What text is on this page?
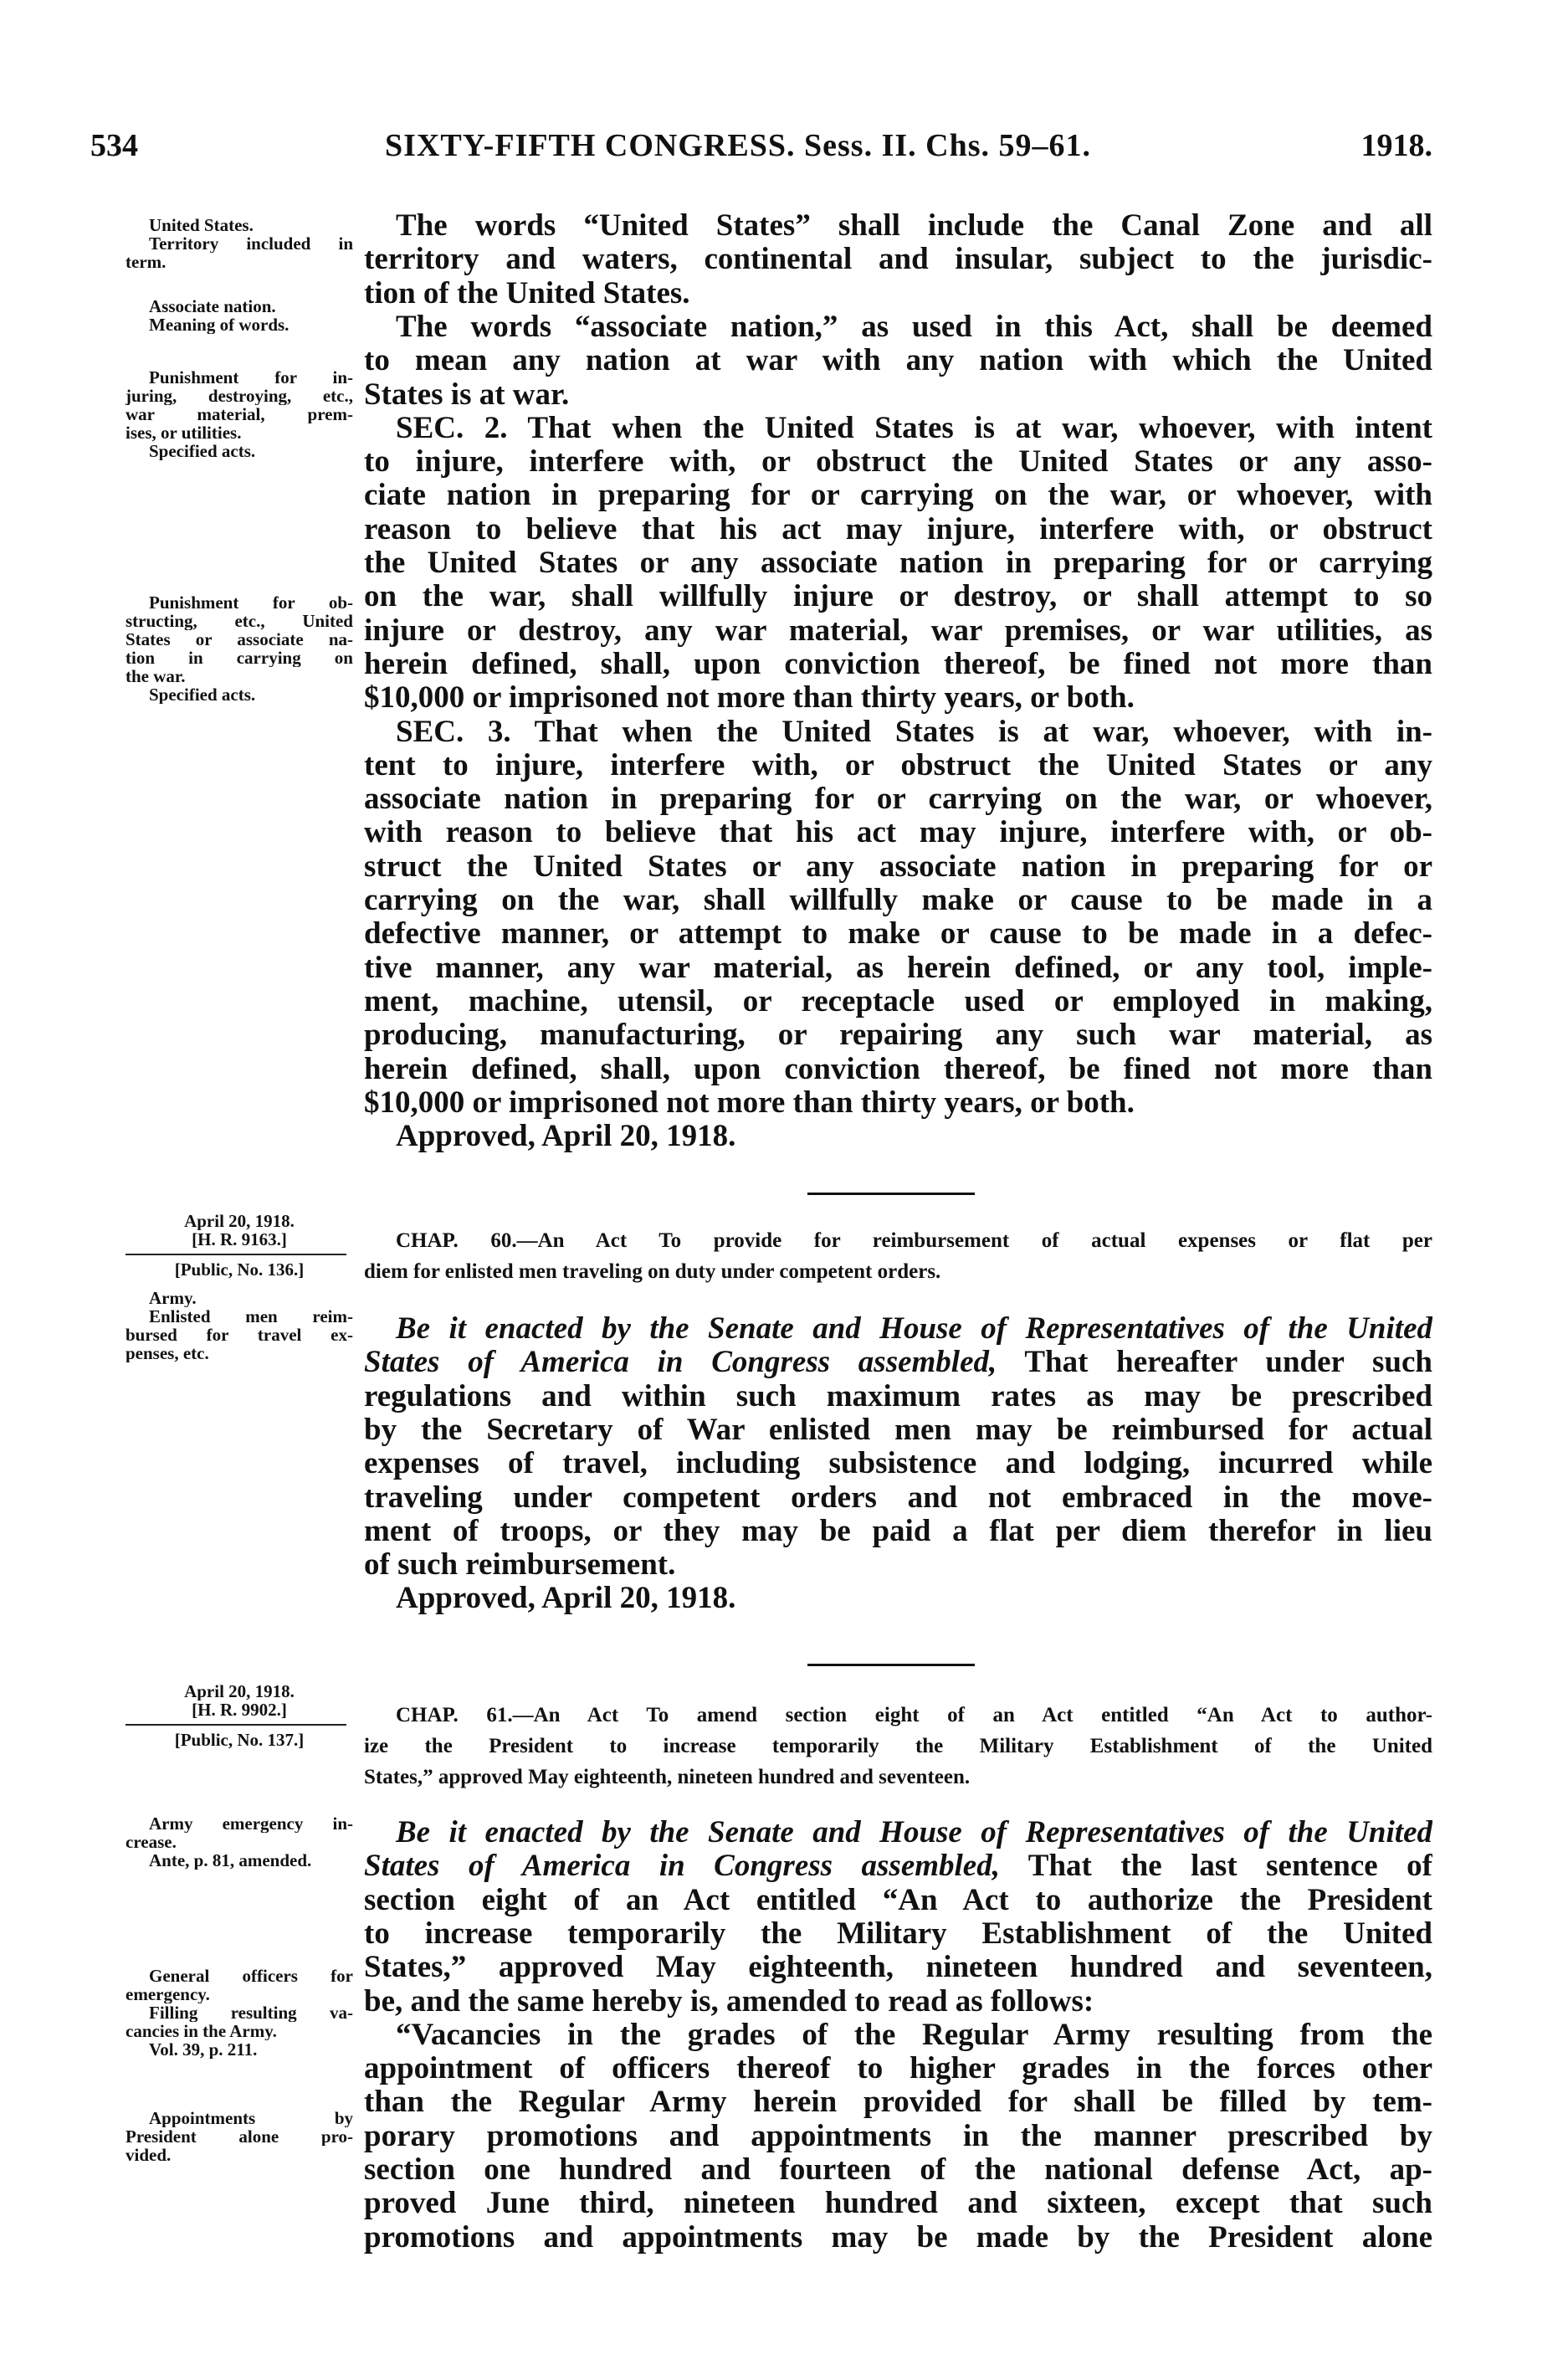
534	SIXTY-FIFTH CONGRESS. Sess. II. Chs. 59–61.	1918.
The words “United States” shall include the Canal Zone and all
territory and waters, continental and insular, subject to the jurisdic-
tion of the United States.
The words “associate nation,” as used in this Act, shall be deemed
to mean any nation at war with any nation with which the United
States is at war.
SEC. 2. That when the United States is at war, whoever, with intent
to injure, interfere with, or obstruct the United States or any asso-
ciate nation in preparing for or carrying on the war, or whoever, with
reason to believe that his act may injure, interfere with, or obstruct
the United States or any associate nation in preparing for or carrying
on the war, shall willfully injure or destroy, or shall attempt to so
injure or destroy, any war material, war premises, or war utilities, as
herein defined, shall, upon conviction thereof, be fined not more than
$10,000 or imprisoned not more than thirty years, or both.
SEC. 3. That when the United States is at war, whoever, with in-
tent to injure, interfere with, or obstruct the United States or any
associate nation in preparing for or carrying on the war, or whoever,
with reason to believe that his act may injure, interfere with, or ob-
struct the United States or any associate nation in preparing for or
carrying on the war, shall willfully make or cause to be made in a
defective manner, or attempt to make or cause to be made in a defec-
tive manner, any war material, as herein defined, or any tool, imple-
ment, machine, utensil, or receptacle used or employed in making,
producing, manufacturing, or repairing any such war material, as
herein defined, shall, upon conviction thereof, be fined not more than
$10,000 or imprisoned not more than thirty years, or both.
Approved, April 20, 1918.
CHAP. 60.—An Act To provide for reimbursement of actual expenses or flat per
diem for enlisted men traveling on duty under competent orders.
Be it enacted by the Senate and House of Representatives of the United
States of America in Congress assembled, That hereafter under such
regulations and within such maximum rates as may be prescribed
by the Secretary of War enlisted men may be reimbursed for actual
expenses of travel, including subsistence and lodging, incurred while
traveling under competent orders and not embraced in the move-
ment of troops, or they may be paid a flat per diem therefor in lieu
of such reimbursement.
Approved, April 20, 1918.
CHAP. 61.—An Act To amend section eight of an Act entitled “An Act to author-
ize the President to increase temporarily the Military Establishment of the United
States,” approved May eighteenth, nineteen hundred and seventeen.
Be it enacted by the Senate and House of Representatives of the United
States of America in Congress assembled, That the last sentence of
section eight of an Act entitled “An Act to authorize the President
to increase temporarily the Military Establishment of the United
States,” approved May eighteenth, nineteen hundred and seventeen,
be, and the same hereby is, amended to read as follows:
“Vacancies in the grades of the Regular Army resulting from the
appointment of officers thereof to higher grades in the forces other
than the Regular Army herein provided for shall be filled by tem-
porary promotions and appointments in the manner prescribed by
section one hundred and fourteen of the national defense Act, ap-
proved June third, nineteen hundred and sixteen, except that such
promotions and appointments may be made by the President alone
United States.
Territory included in
term.
Associate nation.
Meaning of words.
Punishment for in-
juring, destroying, etc.,
war material, prem-
ises, or utilities.
Specified acts.
Punishment for ob-
structing, etc., United
States or associate na-
tion in carrying on
the war.
Specified acts.
April 20, 1918.
[H. R. 9163.]
[Public, No. 136.]
Army.
Enlisted men reim-
bursed for travel ex-
penses, etc.
April 20, 1918.
[H. R. 9902.]
[Public, No. 137.]
Army emergency in-
crease.
Ante, p. 81, amended.
General officers for
emergency.
Filling resulting va-
cancies in the Army.
Vol. 39, p. 211.
Appointments by
President alone pro-
vided.
